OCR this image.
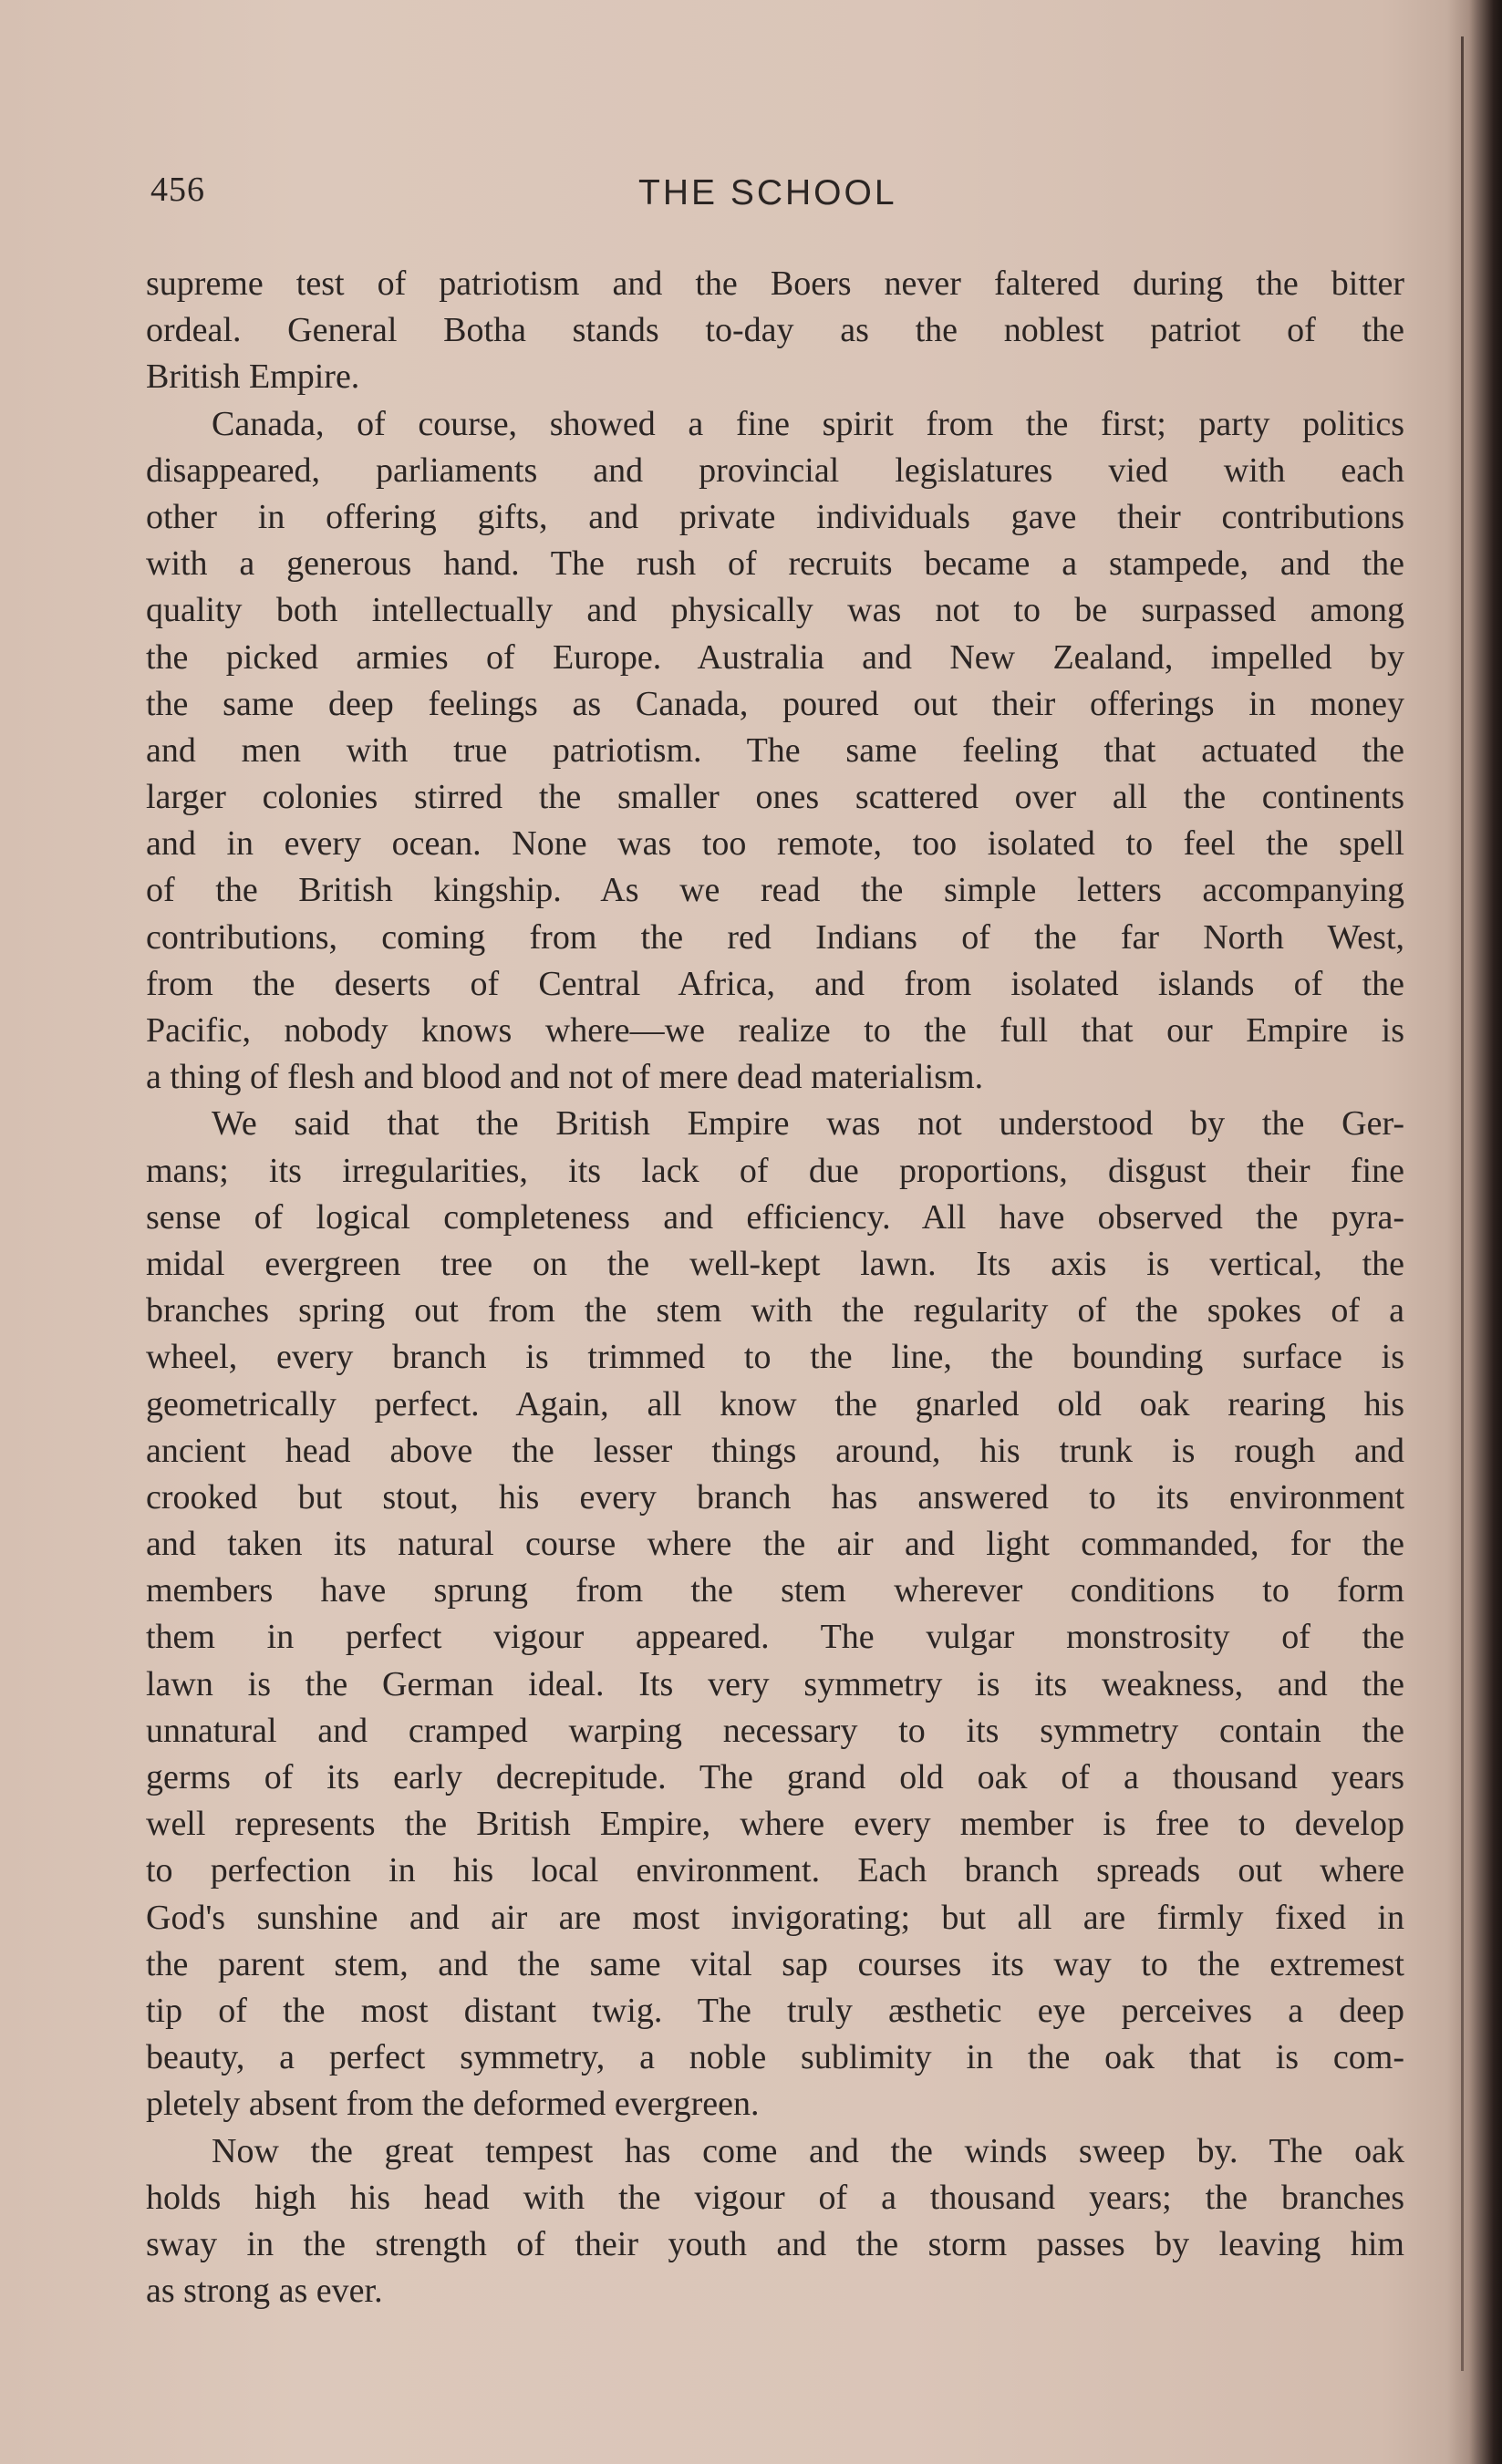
456	THE SCHOOL
supreme test of patriotism and the Boers never faltered during the bitter
ordeal. General Botha stands to-day as the noblest patriot of the
British Empire.
Canada, of course, showed a fine spirit from the first; party politics
disappeared, parliaments and provincial legislatures vied with each
other in offering gifts, and private individuals gave their contributions
with a generous hand. The rush of recruits became a stampede, and the
quality both intellectually and physically was not to be surpassed among
the picked armies of Europe. Australia and New Zealand, impelled by
the same deep feelings as Canada, poured out their offerings in money
and men with true patriotism. The same feeling that actuated the
larger colonies stirred the smaller ones scattered over all the continents
and in every ocean. None was too remote, too isolated to feel the spell
of the British kingship. As we read the simple letters accompanying
contributions, coming from the red Indians of the far North West,
from the deserts of Central Africa, and from isolated islands of the
Pacific, nobody knows where—we realize to the full that our Empire is
a thing of flesh and blood and not of mere dead materialism.
We said that the British Empire was not understood by the Ger-
mans; its irregularities, its lack of due proportions, disgust their fine
sense of logical completeness and efficiency. All have observed the pyra-
midal evergreen tree on the well-kept lawn. Its axis is vertical, the
branches spring out from the stem with the regularity of the spokes of a
wheel, every branch is trimmed to the line, the bounding surface is
geometrically perfect. Again, all know the gnarled old oak rearing his
ancient head above the lesser things around, his trunk is rough and
crooked but stout, his every branch has answered to its environment
and taken its natural course where the air and light commanded, for the
members have sprung from the stem wherever conditions to form
them in perfect vigour appeared. The vulgar monstrosity of the
lawn is the German ideal. Its very symmetry is its weakness, and the
unnatural and cramped warping necessary to its symmetry contain the
germs of its early decrepitude. The grand old oak of a thousand years
well represents the British Empire, where every member is free to develop
to perfection in his local environment. Each branch spreads out where
God's sunshine and air are most invigorating; but all are firmly fixed in
the parent stem, and the same vital sap courses its way to the extremest
tip of the most distant twig. The truly æsthetic eye perceives a deep
beauty, a perfect symmetry, a noble sublimity in the oak that is com-
pletely absent from the deformed evergreen.
Now the great tempest has come and the winds sweep by. The oak
holds high his head with the vigour of a thousand years; the branches
sway in the strength of their youth and the storm passes by leaving him
as strong as ever.
